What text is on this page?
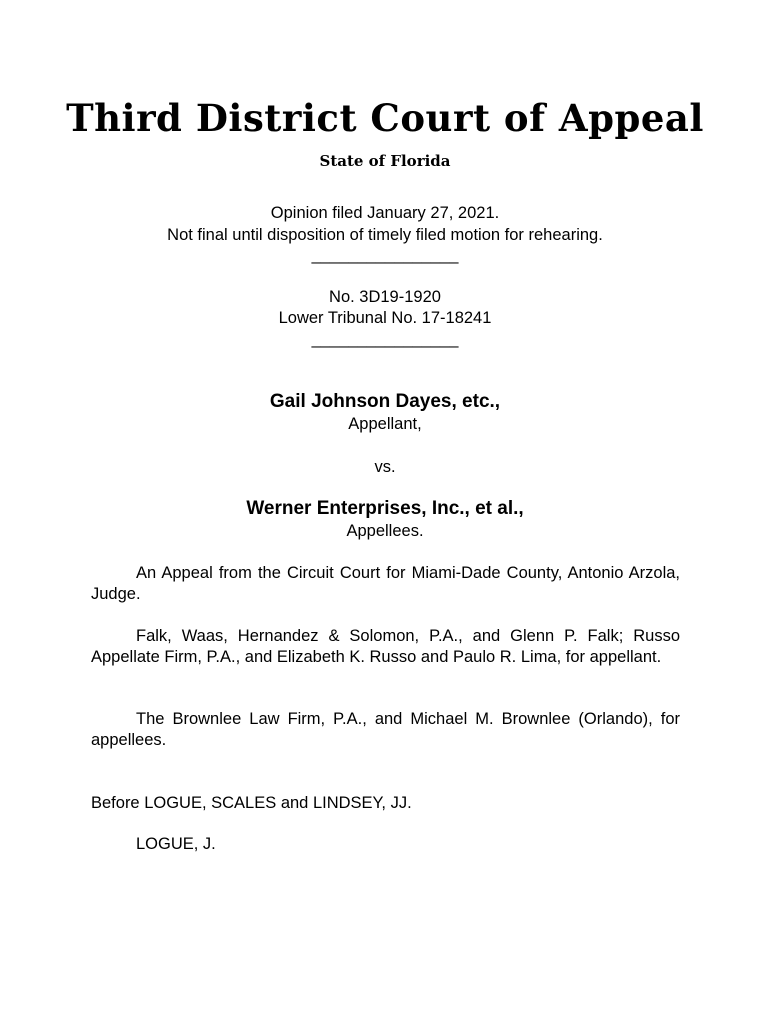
Third District Court of Appeal
State of Florida
Opinion filed January 27, 2021.
Not final until disposition of timely filed motion for rehearing.
________________
No. 3D19-1920
Lower Tribunal No. 17-18241
________________
Gail Johnson Dayes, etc.,
Appellant,
vs.
Werner Enterprises, Inc., et al.,
Appellees.
An Appeal from the Circuit Court for Miami-Dade County, Antonio Arzola, Judge.
Falk, Waas, Hernandez & Solomon, P.A., and Glenn P. Falk; Russo Appellate Firm, P.A., and Elizabeth K. Russo and Paulo R. Lima, for appellant.
The Brownlee Law Firm, P.A., and Michael M. Brownlee (Orlando), for appellees.
Before LOGUE, SCALES and LINDSEY, JJ.
LOGUE, J.
